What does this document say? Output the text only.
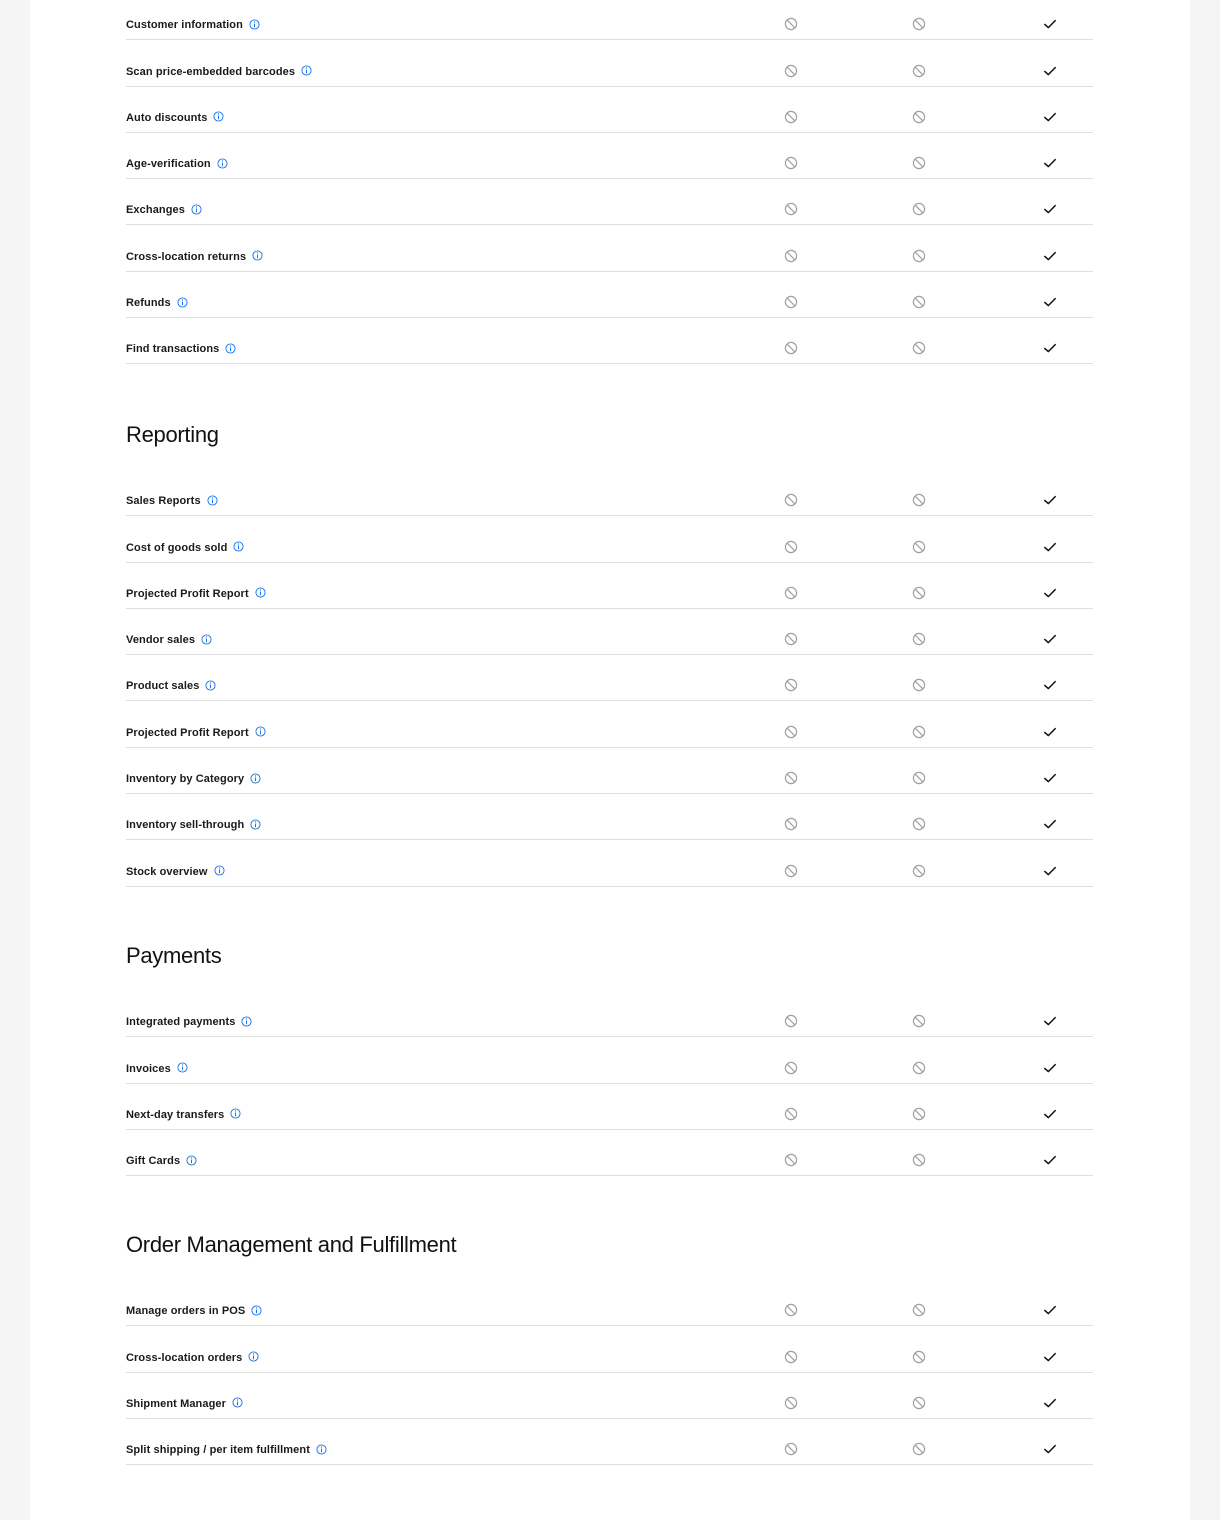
Customer information
Scan price-embedded barcodes
Auto discounts
Age-verification
Exchanges
Cross-location returns
Refunds
Find transactions
Reporting
Sales Reports
Cost of goods sold
Projected Profit Report
Vendor sales
Product sales
Projected Profit Report
Inventory by Category
Inventory sell-through
Stock overview
Payments
Integrated payments
Invoices
Next-day transfers
Gift Cards
Order Management and Fulfillment
Manage orders in POS
Cross-location orders
Shipment Manager
Split shipping / per item fulfillment
